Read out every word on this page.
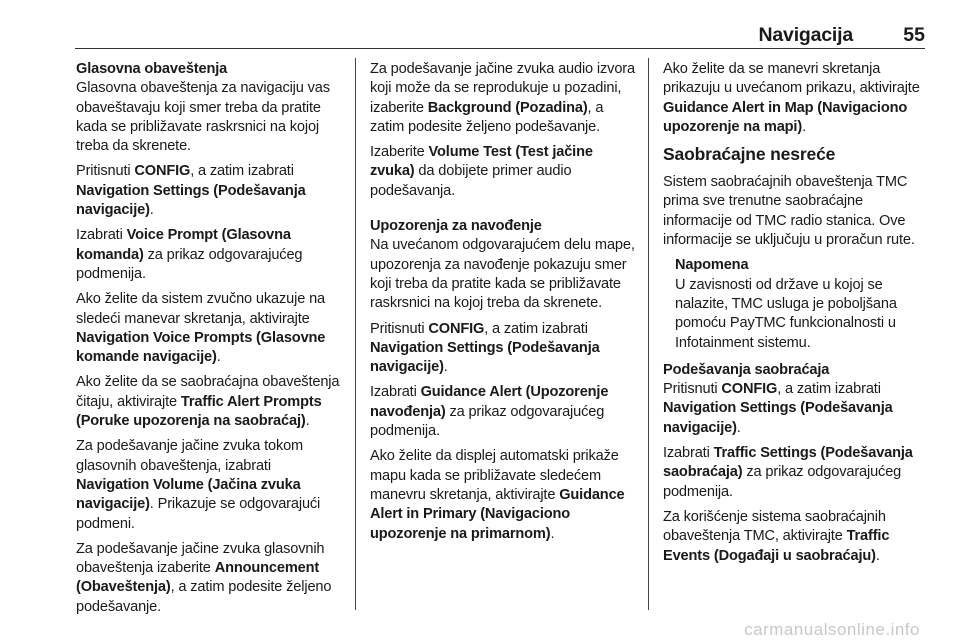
Navigacija	55
Glasovna obaveštenja

Glasovna obaveštenja za navigaciju vas obaveštavaju koji smer treba da pratite kada se približavate raskrsnici na kojoj treba da skrenete.

Pritisnuti CONFIG, a zatim izabrati Navigation Settings (Podešavanja navigacije).

Izabrati Voice Prompt (Glasovna komanda) za prikaz odgovarajućeg podmenija.

Ako želite da sistem zvučno ukazuje na sledeći manevar skretanja, aktivirajte Navigation Voice Prompts (Glasovne komande navigacije).

Ako želite da se saobraćajna obaveštenja čitaju, aktivirajte Traffic Alert Prompts (Poruke upozorenja na saobraćaj).

Za podešavanje jačine zvuka tokom glasovnih obaveštenja, izabrati Navigation Volume (Jačina zvuka navigacije). Prikazuje se odgovarajući podmeni.

Za podešavanje jačine zvuka glasovnih obaveštenja izaberite Announcement (Obaveštenja), a zatim podesite željeno podešavanje.

Za podešavanje jačine zvuka audio izvora koji može da se reprodukuje u pozadini, izaberite Background (Pozadina), a zatim podesite željeno podešavanje.

Izaberite Volume Test (Test jačine zvuka) da dobijete primer audio podešavanja.

Upozorenja za navođenje

Na uvećanom odgovarajućem delu mape, upozorenja za navođenje pokazuju smer koji treba da pratite kada se približavate raskrsnici na kojoj treba da skrenete.

Pritisnuti CONFIG, a zatim izabrati Navigation Settings (Podešavanja navigacije).

Izabrati Guidance Alert (Upozorenje navođenja) za prikaz odgovarajućeg podmenija.

Ako želite da displej automatski prikaže mapu kada se približavate sledećem manevru skretanja, aktivirajte Guidance Alert in Primary (Navigaciono upozorenje na primarnom).

Ako želite da se manevri skretanja prikazuju u uvećanom prikazu, aktivirajte Guidance Alert in Map (Navigaciono upozorenje na mapi).

Saobraćajne nesreće

Sistem saobraćajnih obaveštenja TMC prima sve trenutne saobraćajne informacije od TMC radio stanica. Ove informacije se uključuju u proračun rute.

Napomena

U zavisnosti od države u kojoj se nalazite, TMC usluga je poboljšana pomoću PayTMC funkcionalnosti u Infotainment sistemu.

Podešavanja saobraćaja

Pritisnuti CONFIG, a zatim izabrati Navigation Settings (Podešavanja navigacije).

Izabrati Traffic Settings (Podešavanja saobraćaja) za prikaz odgovarajućeg podmenija.

Za korišćenje sistema saobraćajnih obaveštenja TMC, aktivirajte Traffic Events (Događaji u saobraćaju).

carmanualsonline.info
